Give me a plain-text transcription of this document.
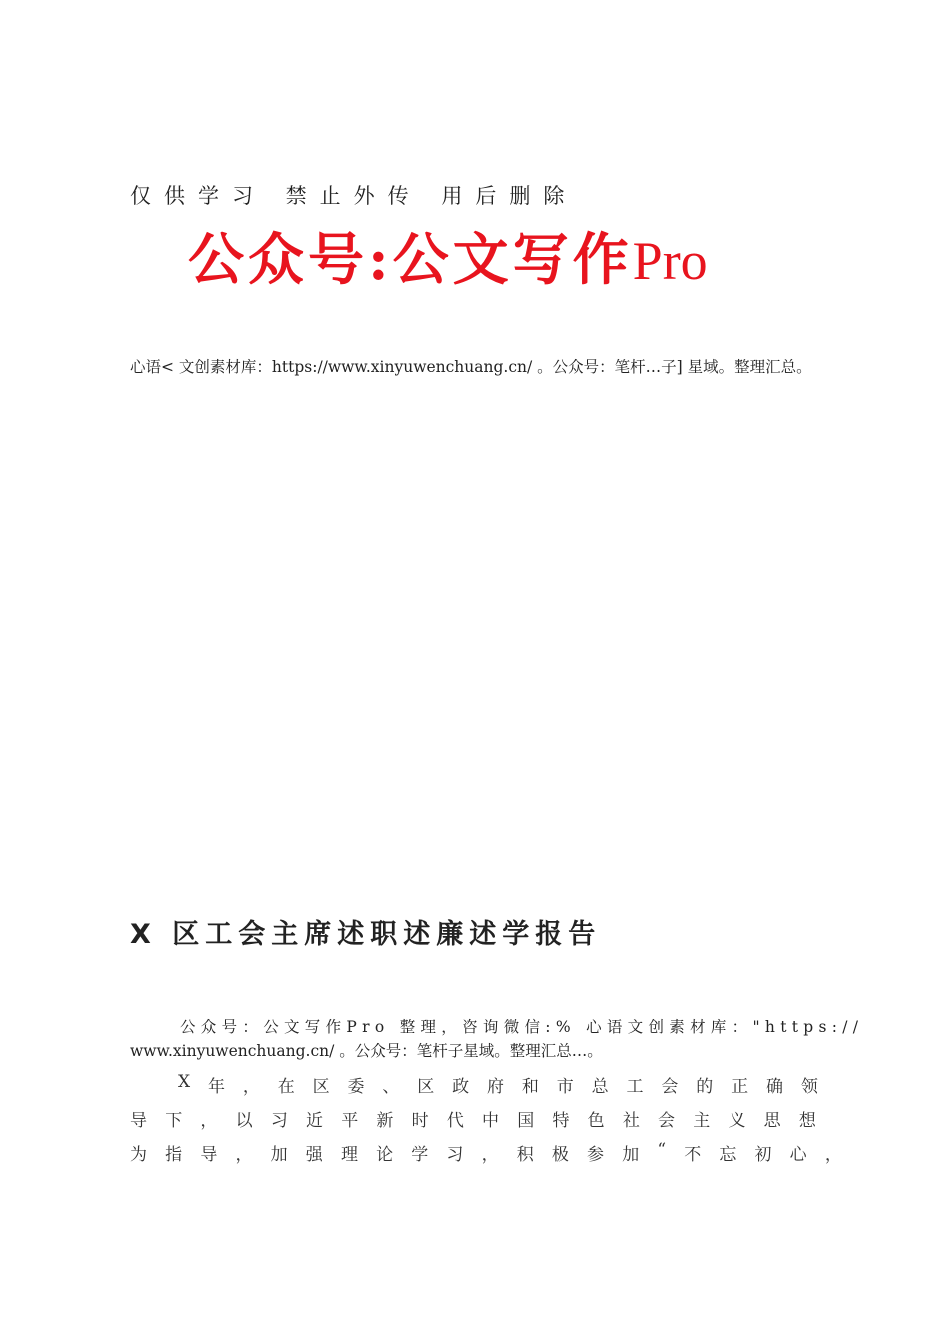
仅供学习 禁止外传 用后删除
公众号:公文写作Pro
心语< 文创素材库：https://www.xinyuwenchuang.cn/ 。公众号：笔杆…子] 星域。整理汇总。
X 区工会主席述职述廉述学报告
公众号：公文写作Pro 整理，咨询微信:% 心语文创素材库："https://
www.xinyuwenchuang.cn/ 。公众号：笔杆子星域。整理汇总…。
X 年 ， 在 区 委 、 区 政 府 和 市 总 工 会 的 正 确 领
导 下 ， 以 习 近 平 新 时 代 中 国 特 色 社 会 主 义 思 想
为 指 导 ， 加 强 理 论 学 习 ， 积 极 参 加 “ 不 忘 初 心 ，
